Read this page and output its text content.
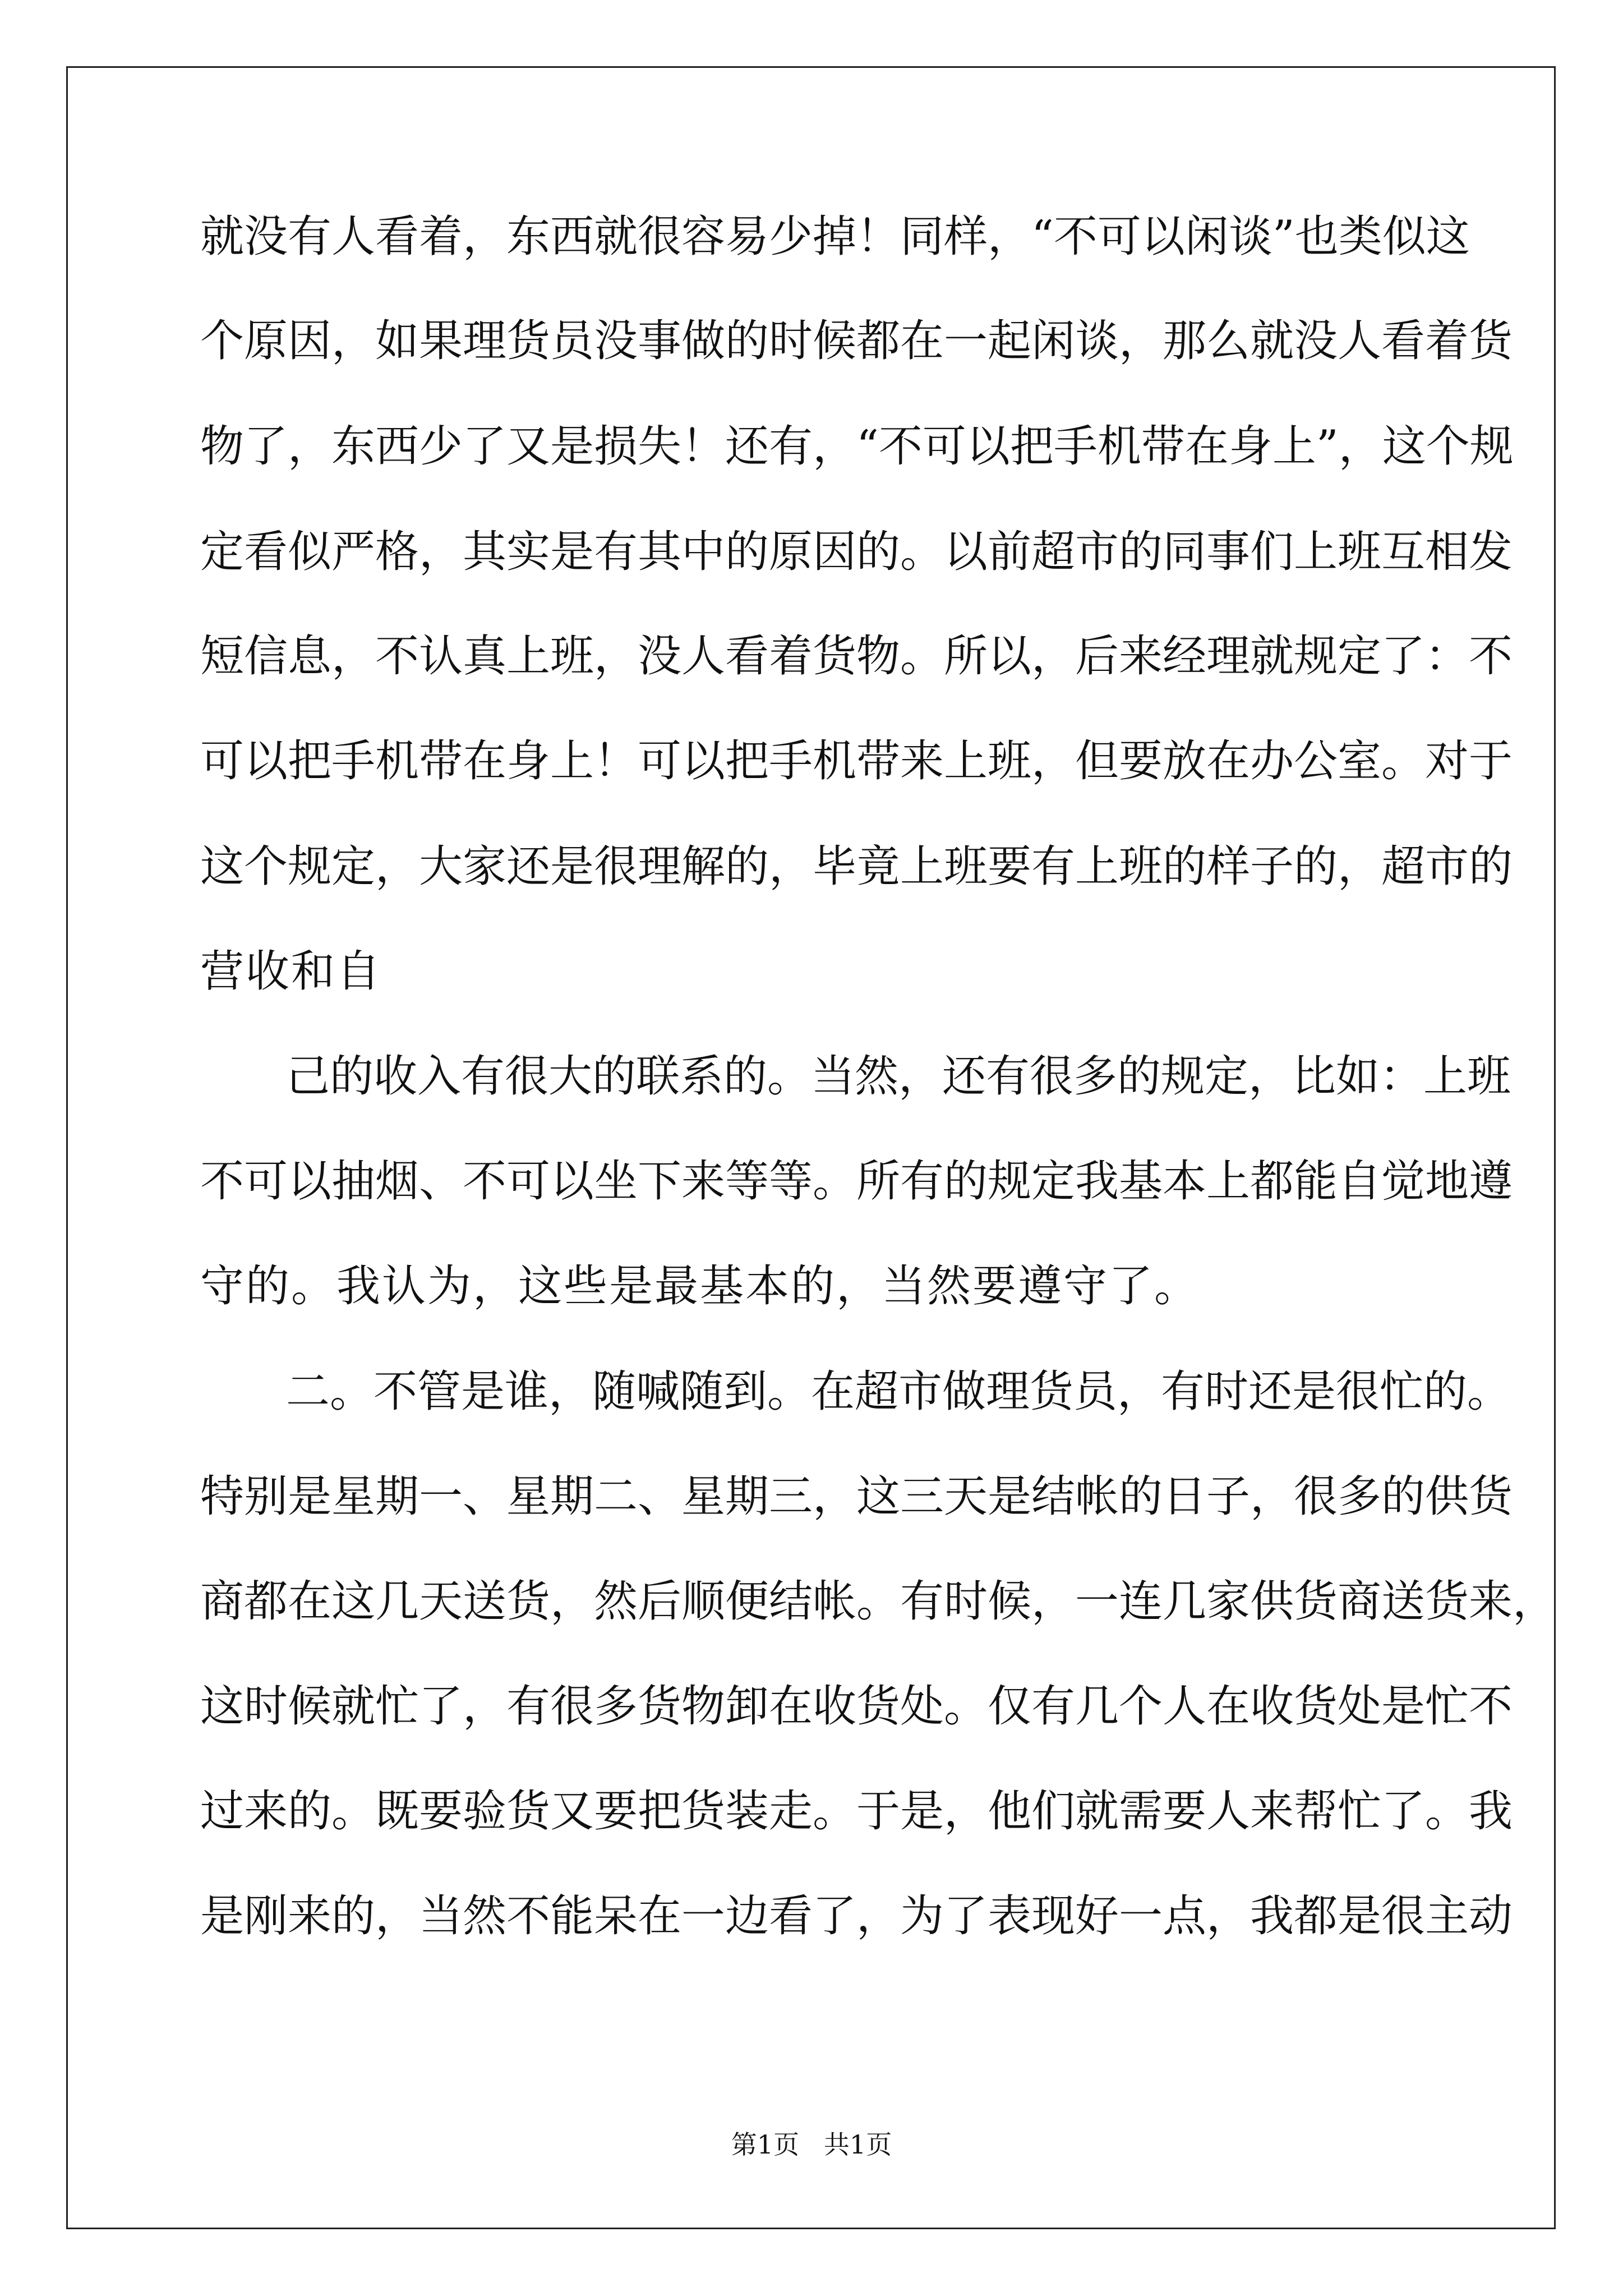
就没有人看着，东西就很容易少掉！同样，“不可以闲谈”也类似这
个原因，如果理货员没事做的时候都在一起闲谈，那么就没人看着货
物了，东西少了又是损失！还有，“不可以把手机带在身上”，这个规
定看似严格，其实是有其中的原因的。以前超市的同事们上班互相发
短信息，不认真上班，没人看着货物。所以，后来经理就规定了：不
可以把手机带在身上！可以把手机带来上班，但要放在办公室。对于
这个规定，大家还是很理解的，毕竟上班要有上班的样子的，超市的
营收和自
己的收入有很大的联系的。当然，还有很多的规定，比如：上班
不可以抽烟、不可以坐下来等等。所有的规定我基本上都能自觉地遵
守的。我认为，这些是最基本的，当然要遵守了。
二。不管是谁，随喊随到。在超市做理货员，有时还是很忙的。
特别是星期一、星期二、星期三，这三天是结帐的日子，很多的供货
商都在这几天送货，然后顺便结帐。有时候，一连几家供货商送货来，
这时候就忙了，有很多货物卸在收货处。仅有几个人在收货处是忙不
过来的。既要验货又要把货装走。于是，他们就需要人来帮忙了。我
是刚来的，当然不能呆在一边看了，为了表现好一点，我都是很主动
第1页   共1页
